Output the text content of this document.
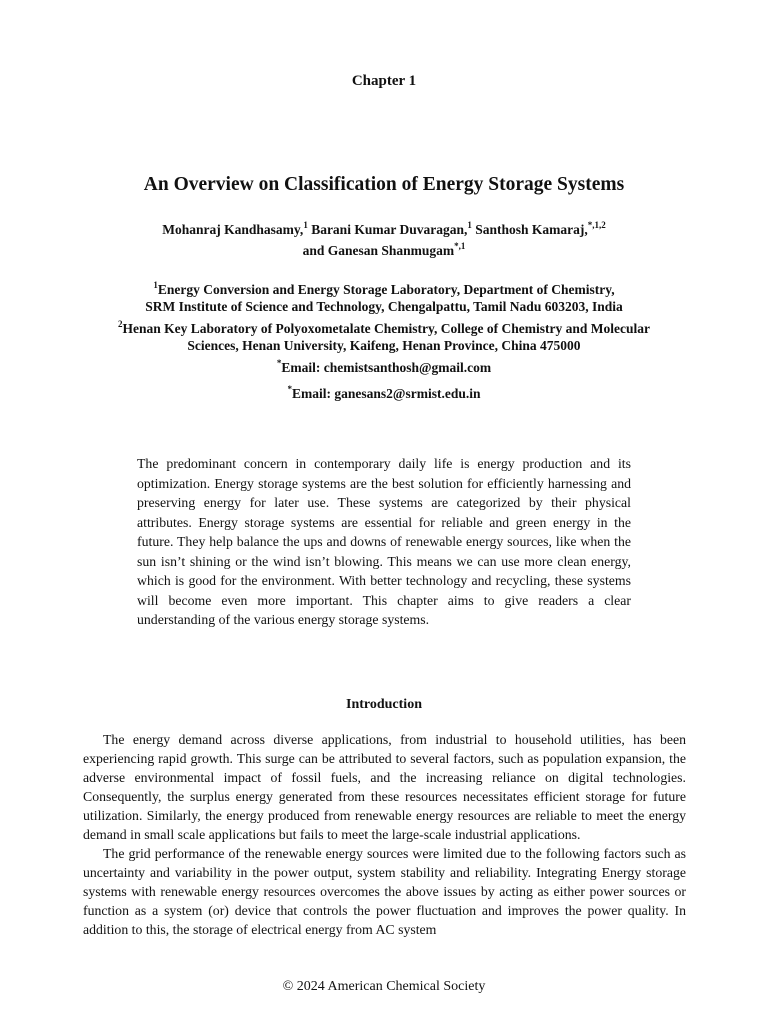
Chapter 1
An Overview on Classification of Energy Storage Systems
Mohanraj Kandhasamy,$^1$ Barani Kumar Duvaragan,$^1$ Santhosh Kamaraj,$^{*,1,2}$
and Ganesan Shanmugam$^{*,1}$
$^1$Energy Conversion and Energy Storage Laboratory, Department of Chemistry,
SRM Institute of Science and Technology, Chengalpattu, Tamil Nadu 603203, India
$^2$Henan Key Laboratory of Polyoxometalate Chemistry, College of Chemistry and Molecular
Sciences, Henan University, Kaifeng, Henan Province, China 475000
*Email: chemistsanthosh@gmail.com
*Email: ganesans2@srmist.edu.in
The predominant concern in contemporary daily life is energy production and its optimization. Energy storage systems are the best solution for efficiently harnessing and preserving energy for later use. These systems are categorized by their physical attributes. Energy storage systems are essential for reliable and green energy in the future. They help balance the ups and downs of renewable energy sources, like when the sun isn’t shining or the wind isn’t blowing. This means we can use more clean energy, which is good for the environment. With better technology and recycling, these systems will become even more important. This chapter aims to give readers a clear understanding of the various energy storage systems.
Introduction

The energy demand across diverse applications, from industrial to household utilities, has been experiencing rapid growth. This surge can be attributed to several factors, such as population expansion, the adverse environmental impact of fossil fuels, and the increasing reliance on digital technologies. Consequently, the surplus energy generated from these resources necessitates efficient storage for future utilization. Similarly, the energy produced from renewable energy resources are reliable to meet the energy demand in small scale applications but fails to meet the large-scale industrial applications.

The grid performance of the renewable energy sources were limited due to the following factors such as uncertainty and variability in the power output, system stability and reliability. Integrating Energy storage systems with renewable energy resources overcomes the above issues by acting as either power sources or function as a system (or) device that controls the power fluctuation and improves the power quality. In addition to this, the storage of electrical energy from AC system

© 2024 American Chemical Society
